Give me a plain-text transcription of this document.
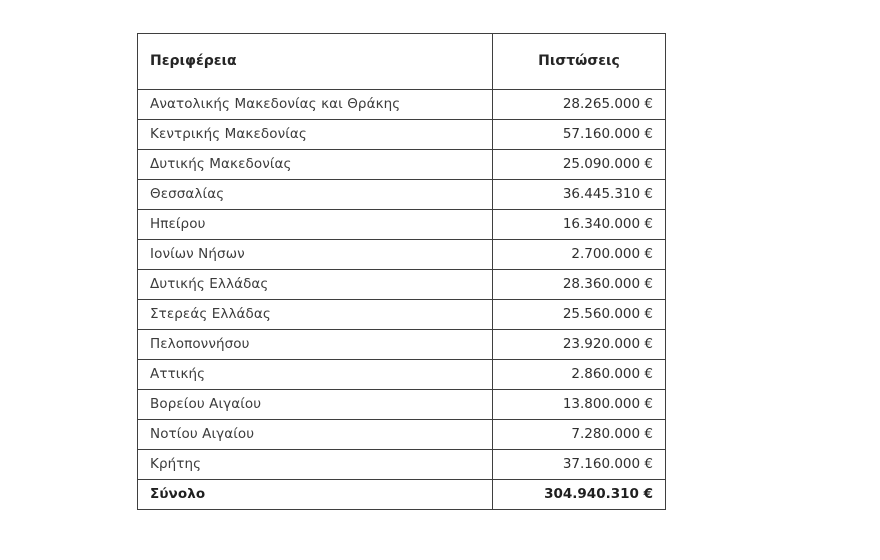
Περιφέρεια	Πιστώσεις
Ανατολικής Μακεδονίας και Θράκης	28.265.000 €
Κεντρικής Μακεδονίας	57.160.000 €
Δυτικής Μακεδονίας	25.090.000 €
Θεσσαλίας	36.445.310 €
Ηπείρου	16.340.000 €
Ιονίων Νήσων	2.700.000 €
Δυτικής Ελλάδας	28.360.000 €
Στερεάς Ελλάδας	25.560.000 €
Πελοποννήσου	23.920.000 €
Αττικής	2.860.000 €
Βορείου Αιγαίου	13.800.000 €
Νοτίου Αιγαίου	7.280.000 €
Κρήτης	37.160.000 €
Σύνολο	304.940.310 €
